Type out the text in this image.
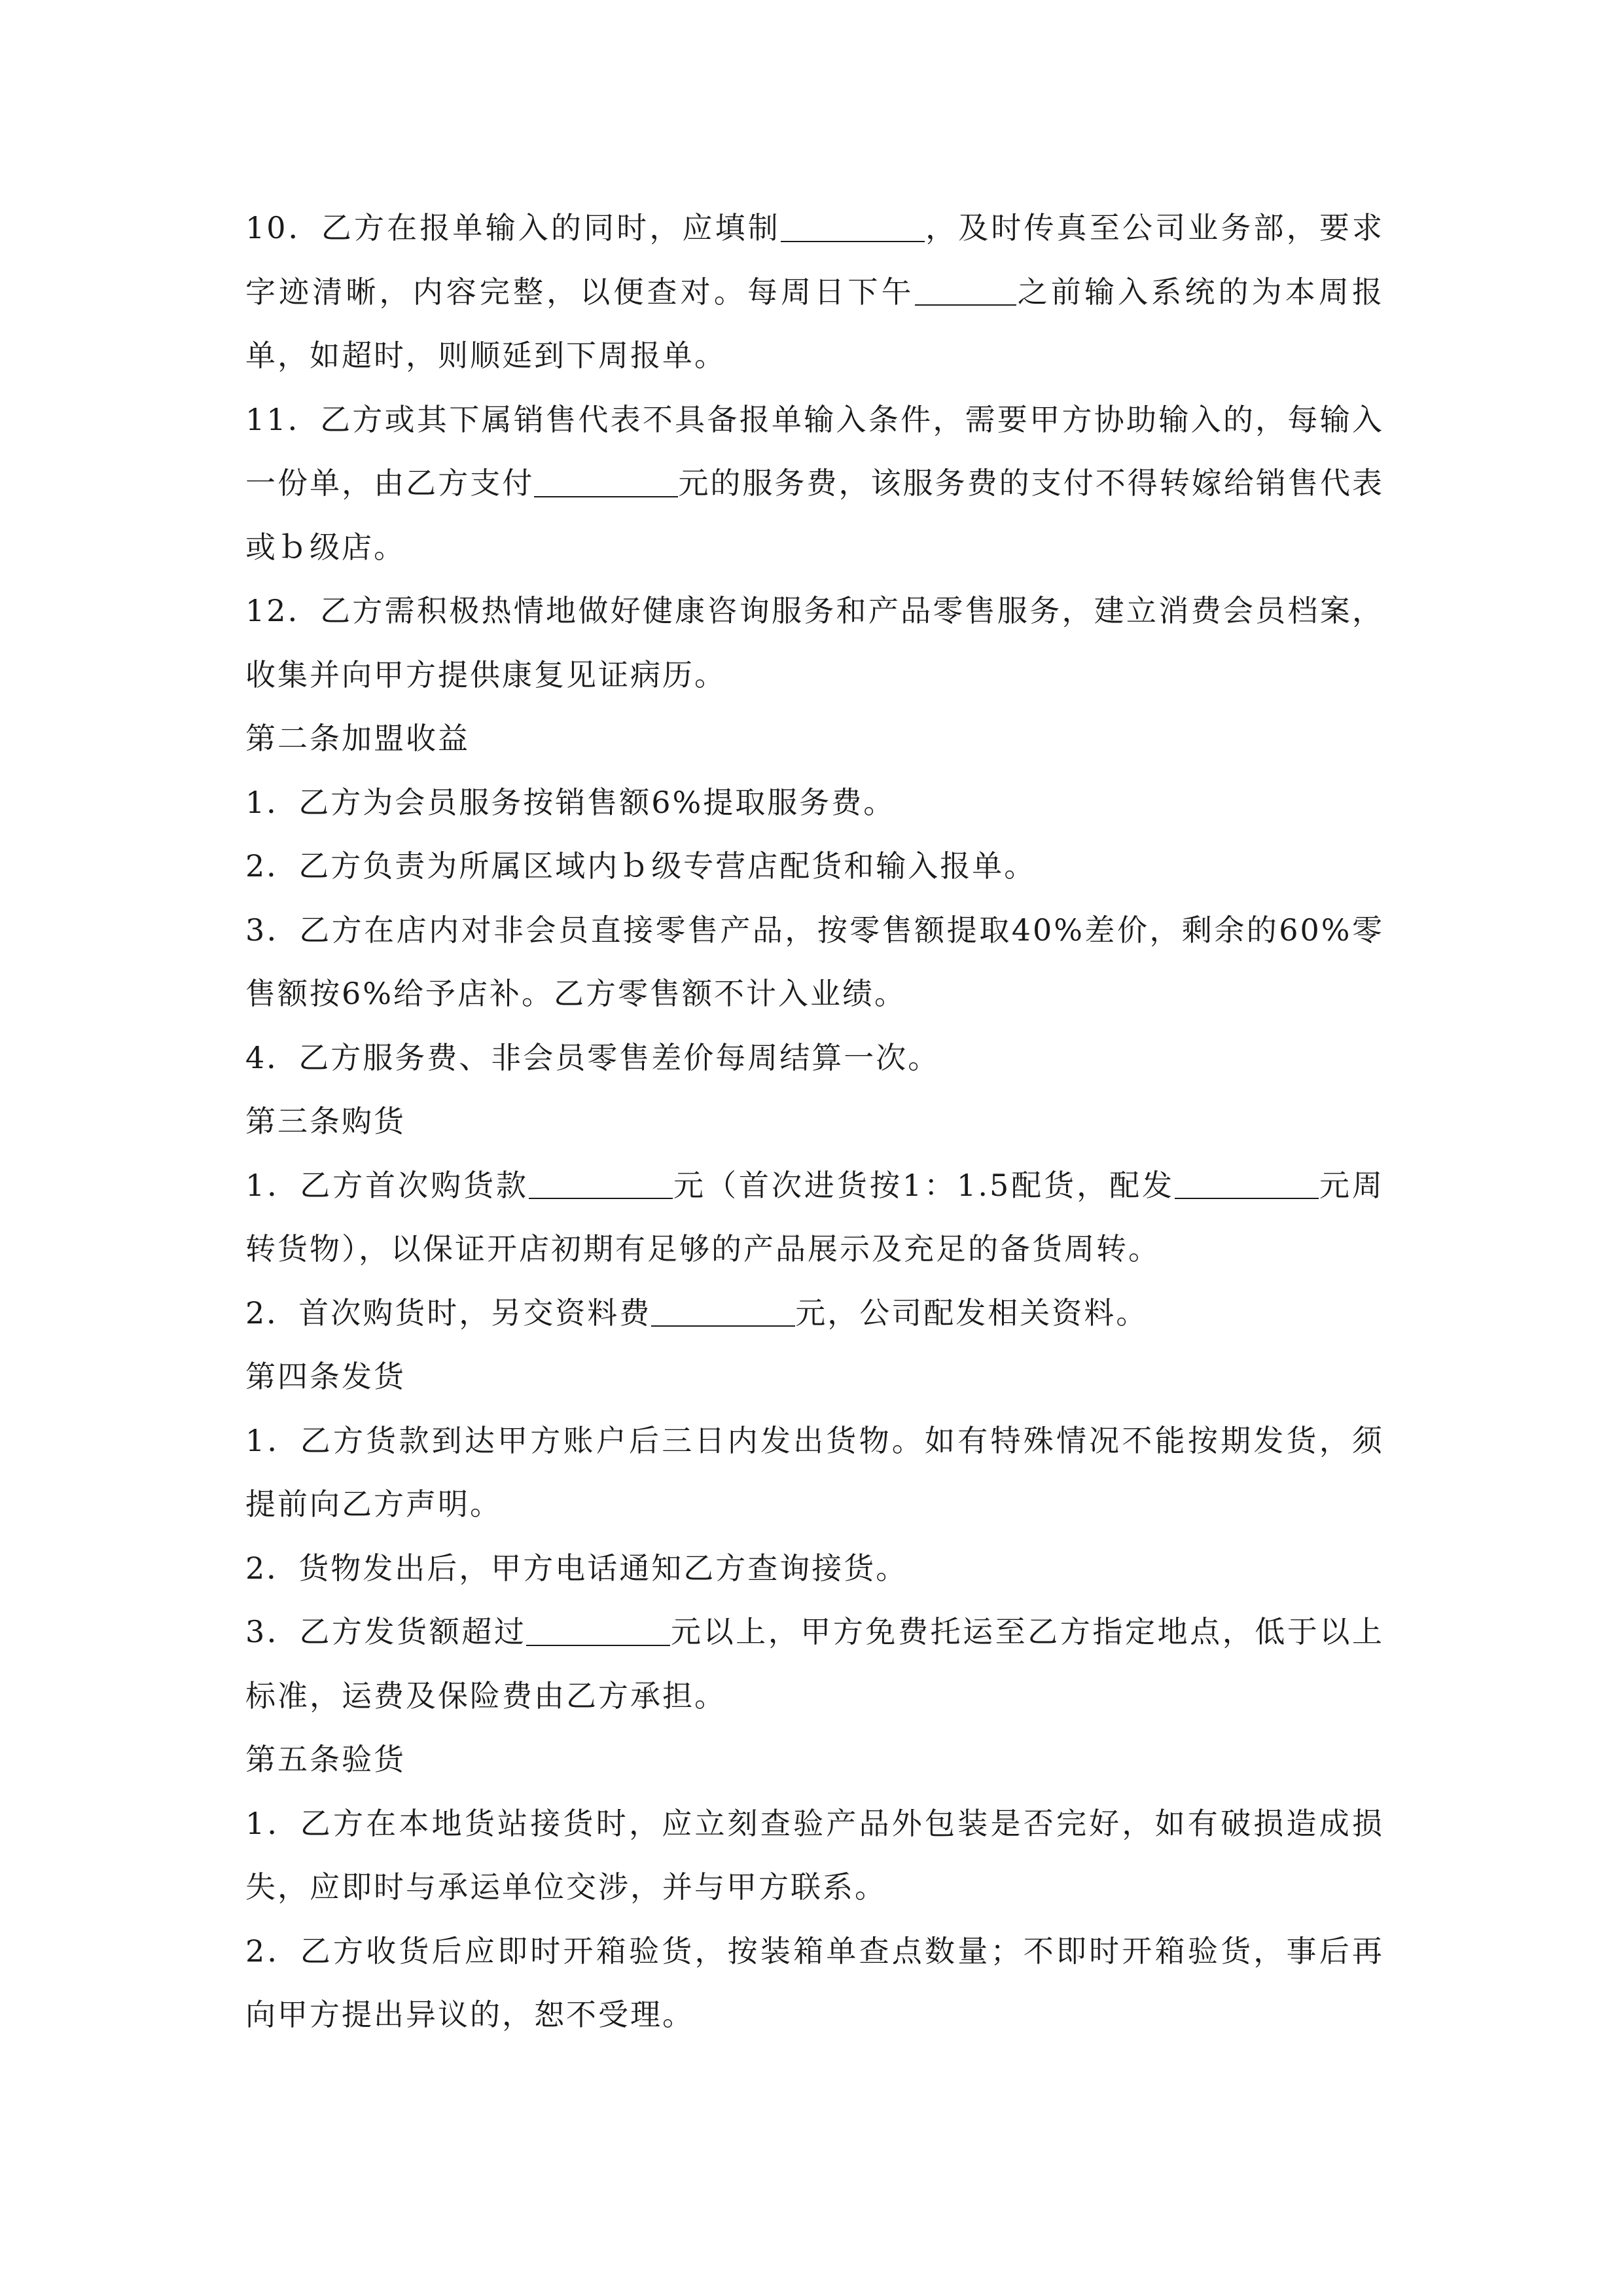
10．乙方在报单输入的同时，应填制	，及时传真至公司业务部，要求字迹清晰，内容完整，以便查对。每周日下午	之前输入系统的为本周报单，如超时，则顺延到下周报单。

11．乙方或其下属销售代表不具备报单输入条件，需要甲方协助输入的，每输入一份单，由乙方支付	元的服务费，该服务费的支付不得转嫁给销售代表或ｂ级店。

12．乙方需积极热情地做好健康咨询服务和产品零售服务，建立消费会员档案，收集并向甲方提供康复见证病历。

第二条加盟收益

1．乙方为会员服务按销售额6%提取服务费。

2．乙方负责为所属区域内ｂ级专营店配货和输入报单。

3．乙方在店内对非会员直接零售产品，按零售额提取40%差价，剩余的60%零售额按6%给予店补。乙方零售额不计入业绩。

4．乙方服务费、非会员零售差价每周结算一次。

第三条购货

1．乙方首次购货款	元（首次进货按1：1.5配货，配发	元周转货物），以保证开店初期有足够的产品展示及充足的备货周转。

2．首次购货时，另交资料费	元，公司配发相关资料。

第四条发货

1．乙方货款到达甲方账户后三日内发出货物。如有特殊情况不能按期发货，须提前向乙方声明。

2．货物发出后，甲方电话通知乙方查询接货。

3．乙方发货额超过	元以上，甲方免费托运至乙方指定地点，低于以上标准，运费及保险费由乙方承担。

第五条验货

1．乙方在本地货站接货时，应立刻查验产品外包装是否完好，如有破损造成损失，应即时与承运单位交涉，并与甲方联系。

2．乙方收货后应即时开箱验货，按装箱单查点数量；不即时开箱验货，事后再向甲方提出异议的，恕不受理。
